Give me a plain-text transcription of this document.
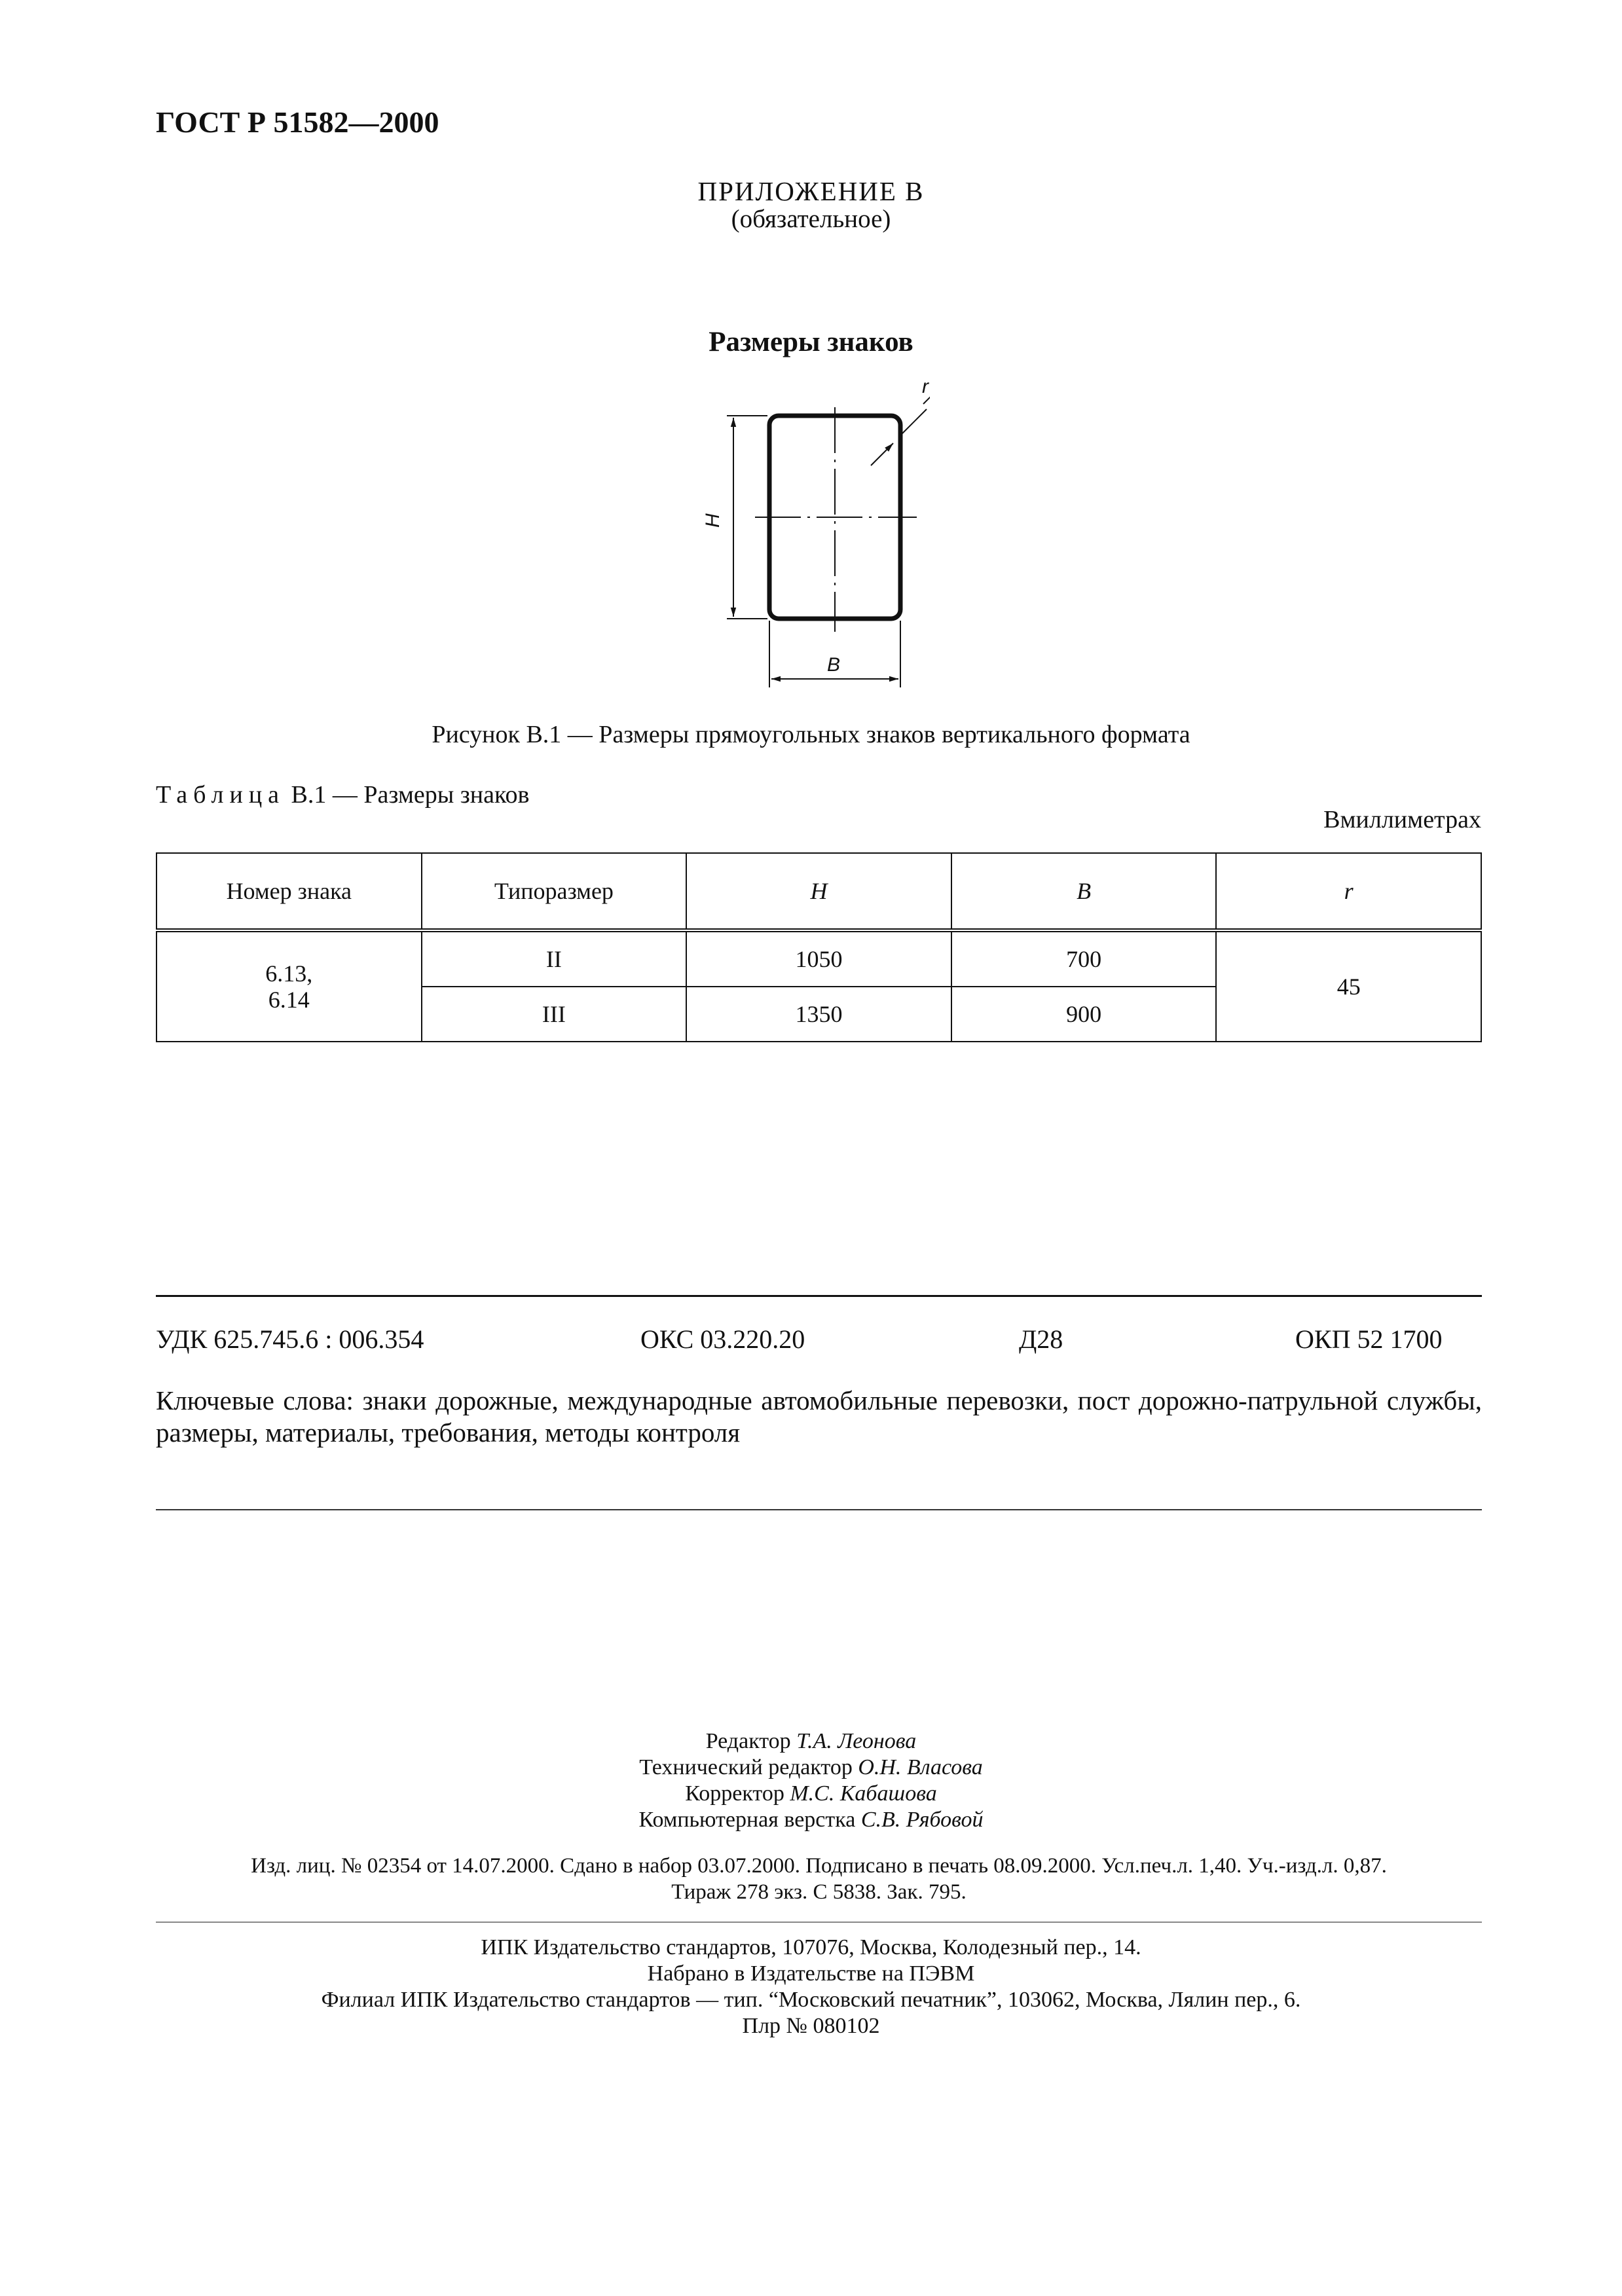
ГОСТ Р 51582—2000
ПРИЛОЖЕНИЕ В
(обязательное)
Размеры знаков
r
H
B
Рисунок В.1 — Размеры прямоугольных знаков вертикального формата
Таблица В.1 — Размеры знаков
Вмиллиметрах
Номер знака	Типоразмер	H	B	r
6.13,
6.14	II	1050	700	45
	III	1350	900	
УДК 625.745.6 : 006.354	ОКС 03.220.20	Д28	ОКП 52 1700
Ключевые слова: знаки дорожные, международные автомобильные перевозки, пост дорожно-патрульной службы, размеры, материалы, требования, методы контроля
Редактор Т.А. Леонова
Технический редактор О.Н. Власова
Корректор М.С. Кабашова
Компьютерная верстка С.В. Рябовой
Изд. лиц. № 02354 от 14.07.2000. Сдано в набор 03.07.2000. Подписано в печать 08.09.2000. Усл.печ.л. 1,40. Уч.-изд.л. 0,87.
Тираж 278 экз. С 5838. Зак. 795.
ИПК Издательство стандартов, 107076, Москва, Колодезный пер., 14.
Набрано в Издательстве на ПЭВМ
Филиал ИПК Издательство стандартов — тип. “Московский печатник”, 103062, Москва, Лялин пер., 6.
Плр № 080102
